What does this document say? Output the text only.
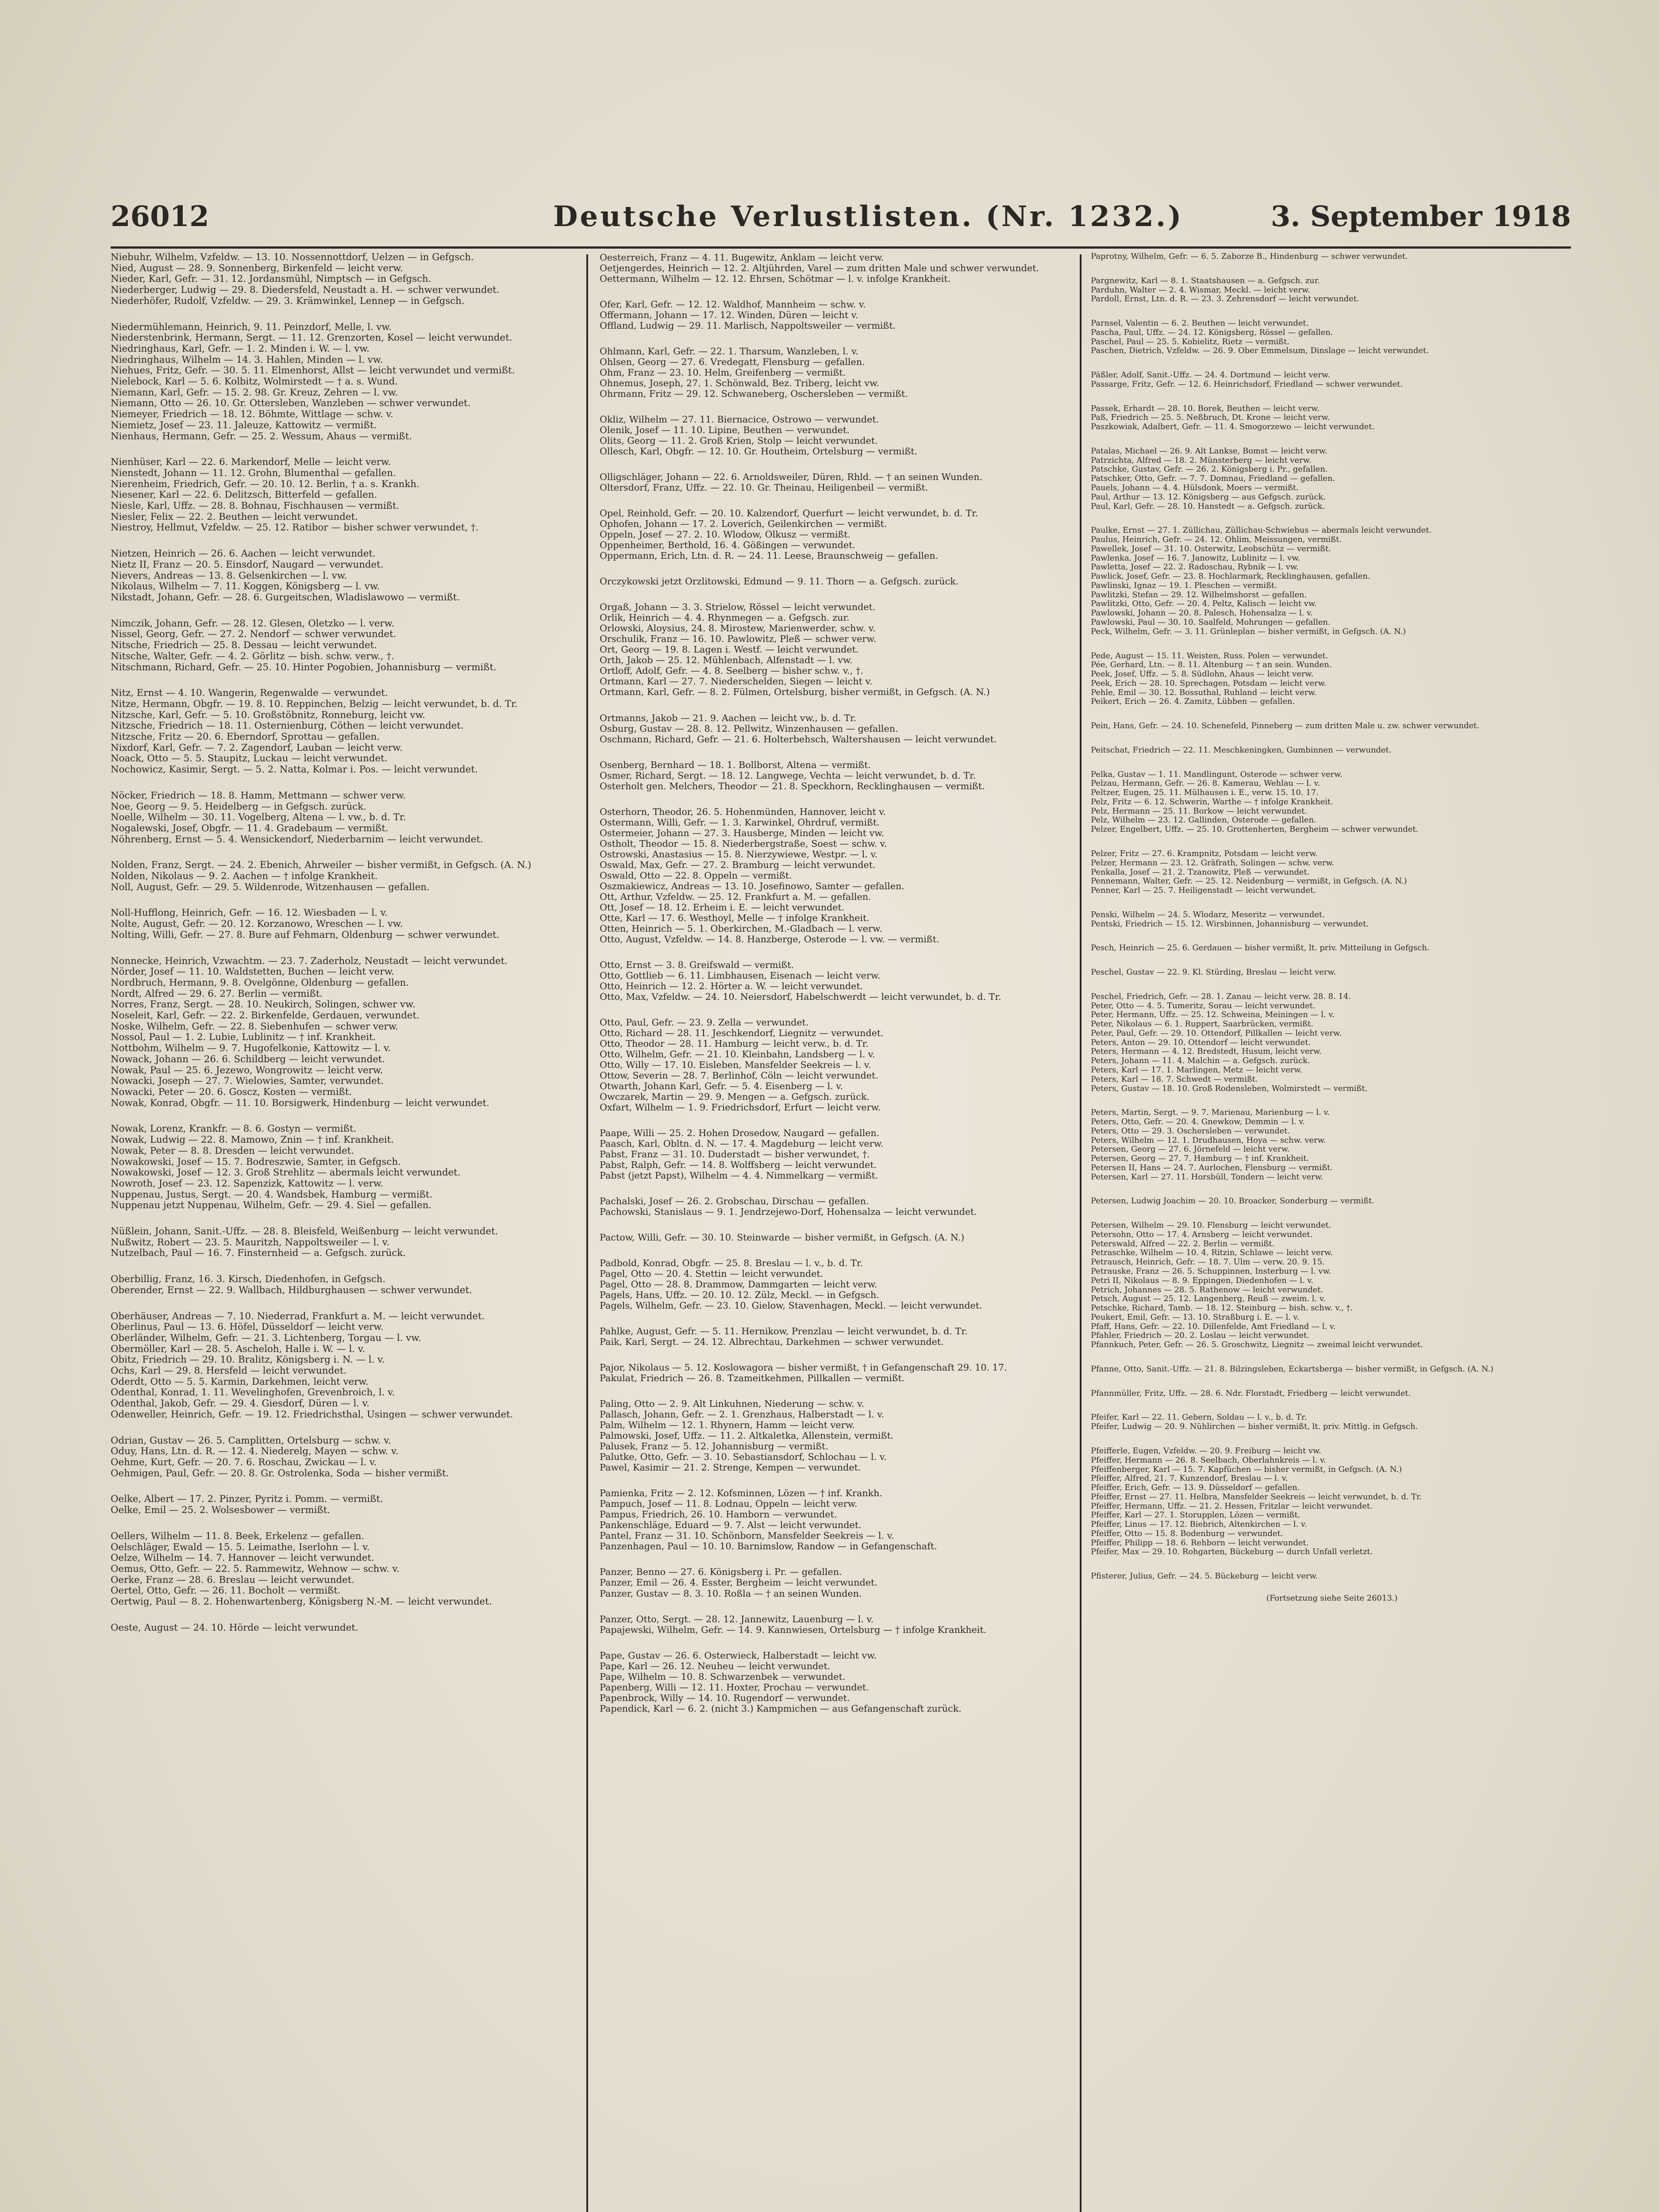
26012	Deutsche Verlustlisten. (Nr. 1232.)	3. September 1918

Niebuhr, Wilhelm, Vzfeldw. — 13. 10. Nossennottdorf, Uelzen — in Gefgsch.

Nied, August — 28. 9. Sonnenberg, Birkenfeld — leicht verw.

Nieder, Karl, Gefr. — 31. 12. Jordansmühl, Nimptsch — in Gefgsch.

Niederberger, Ludwig — 29. 8. Diedersfeld, Neustadt a. H. — schwer verwundet.

Niederhöfer, Rudolf, Vzfeldw. — 29. 3. Krämwinkel, Lennep — in Gefgsch.

Niedermühlemann, Heinrich, 9. 11. Peinzdorf, Melle, l. vw.

Niederstenbrink, Hermann, Sergt. — 11. 12. Grenzorten, Kosel — leicht verwundet.

Niedringhaus, Karl, Gefr. — 1. 2. Minden i. W. — l. vw.

Niedringhaus, Wilhelm — 14. 3. Hahlen, Minden — l. vw.

Niehues, Fritz, Gefr. — 30. 5. 11. Elmenhorst, Allst — leicht verwundet und vermißt.

Nielebock, Karl — 5. 6. Kolbitz, Wolmirstedt — † a. s. Wund.

Niemann, Karl, Gefr. — 15. 2. 98. Gr. Kreuz, Zehren — l. vw.

Niemann, Otto — 26. 10. Gr. Ottersleben, Wanzleben — schwer verwundet.

Niemeyer, Friedrich — 18. 12. Böhmte, Wittlage — schw. v.

Niemietz, Josef — 23. 11. Jaleuze, Kattowitz — vermißt.

Nienhaus, Hermann, Gefr. — 25. 2. Wessum, Ahaus — vermißt.

Nienhüser, Karl — 22. 6. Markendorf, Melle — leicht verw.

Nienstedt, Johann — 11. 12. Grohn, Blumenthal — gefallen.

Nierenheim, Friedrich, Gefr. — 20. 10. 12. Berlin, † a. s. Krankh.

Niesener, Karl — 22. 6. Delitzsch, Bitterfeld — gefallen.

Niesle, Karl, Uffz. — 28. 8. Bohnau, Fischhausen — vermißt.

Niesler, Felix — 22. 2. Beuthen — leicht verwundet.

Niestroy, Hellmut, Vzfeldw. — 25. 12. Ratibor — bisher schwer verwundet, †.

Nietzen, Heinrich — 26. 6. Aachen — leicht verwundet.

Nietz II, Franz — 20. 5. Einsdorf, Naugard — verwundet.

Nievers, Andreas — 13. 8. Gelsenkirchen — l. vw.

Nikolaus, Wilhelm — 7. 11. Koggen, Königsberg — l. vw.

Nikstadt, Johann, Gefr. — 28. 6. Gurgeitschen, Wladislawowo — vermißt.

Nimczik, Johann, Gefr. — 28. 12. Glesen, Oletzko — l. verw.

Nissel, Georg, Gefr. — 27. 2. Nendorf — schwer verwundet.

Nitsche, Friedrich — 25. 8. Dessau — leicht verwundet.

Nitsche, Walter, Gefr. — 4. 2. Görlitz — bish. schw. verw., †.

Nitschmann, Richard, Gefr. — 25. 10. Hinter Pogobien, Johannisburg — vermißt.

Nitz, Ernst — 4. 10. Wangerin, Regenwalde — verwundet.

Nitze, Hermann, Obgfr. — 19. 8. 10. Reppinchen, Belzig — leicht verwundet, b. d. Tr.

Nitzsche, Karl, Gefr. — 5. 10. Großstöbnitz, Ronneburg, leicht vw.

Nitzsche, Friedrich — 18. 11. Osternienburg, Cöthen — leicht verwundet.

Nitzsche, Fritz — 20. 6. Eberndorf, Sprottau — gefallen.

Nixdorf, Karl, Gefr. — 7. 2. Zagendorf, Lauban — leicht verw.

Noack, Otto — 5. 5. Staupitz, Luckau — leicht verwundet.

Nochowicz, Kasimir, Sergt. — 5. 2. Natta, Kolmar i. Pos. — leicht verwundet.

Nöcker, Friedrich — 18. 8. Hamm, Mettmann — schwer verw.

Noe, Georg — 9. 5. Heidelberg — in Gefgsch. zurück.

Noelle, Wilhelm — 30. 11. Vogelberg, Altena — l. vw., b. d. Tr.

Nogalewski, Josef, Obgfr. — 11. 4. Gradebaum — vermißt.

Nöhrenberg, Ernst — 5. 4. Wensickendorf, Niederbarnim — leicht verwundet.

Nolden, Franz, Sergt. — 24. 2. Ebenich, Ahrweiler — bisher vermißt, in Gefgsch. (A. N.)

Nolden, Nikolaus — 9. 2. Aachen — † infolge Krankheit.

Noll, August, Gefr. — 29. 5. Wildenrode, Witzenhausen — gefallen.

Noll-Hufflong, Heinrich, Gefr. — 16. 12. Wiesbaden — l. v.

Nolte, August, Gefr. — 20. 12. Korzanowo, Wreschen — l. vw.

Nolting, Willi, Gefr. — 27. 8. Bure auf Fehmarn, Oldenburg — schwer verwundet.

Nonnecke, Heinrich, Vzwachtm. — 23. 7. Zaderholz, Neustadt — leicht verwundet.

Nörder, Josef — 11. 10. Waldstetten, Buchen — leicht verw.

Nordbruch, Hermann, 9. 8. Ovelgönne, Oldenburg — gefallen.

Nordt, Alfred — 29. 6. 27. Berlin — vermißt.

Norres, Franz, Sergt. — 28. 10. Neukirch, Solingen, schwer vw.

Noseleit, Karl, Gefr. — 22. 2. Birkenfelde, Gerdauen, verwundet.

Noske, Wilhelm, Gefr. — 22. 8. Siebenhufen — schwer verw.

Nossol, Paul — 1. 2. Lubie, Lublinitz — † inf. Krankheit.

Nottbohm, Wilhelm — 9. 7. Hugofelkonie, Kattowitz — l. v.

Nowack, Johann — 26. 6. Schildberg — leicht verwundet.

Nowak, Paul — 25. 6. Jezewo, Wongrowitz — leicht verw.

Nowacki, Joseph — 27. 7. Wielowies, Samter, verwundet.

Nowacki, Peter — 20. 6. Goscz, Kosten — vermißt.

Nowak, Konrad, Obgfr. — 11. 10. Borsigwerk, Hindenburg — leicht verwundet.

Nowak, Lorenz, Krankfr. — 8. 6. Gostyn — vermißt.

Nowak, Ludwig — 22. 8. Mamowo, Znin — † inf. Krankheit.

Nowak, Peter — 8. 8. Dresden — leicht verwundet.

Nowakowski, Josef — 15. 7. Bodreszwie, Samter, in Gefgsch.

Nowakowski, Josef — 12. 3. Groß Strehlitz — abermals leicht verwundet.

Nowroth, Josef — 23. 12. Sapenzizk, Kattowitz — l. verw.

Nuppenau, Justus, Sergt. — 20. 4. Wandsbek, Hamburg — vermißt.

Nuppenau jetzt Nuppenau, Wilhelm, Gefr. — 29. 4. Siel — gefallen.

Nüßlein, Johann, Sanit.-Uffz. — 28. 8. Bleisfeld, Weißenburg — leicht verwundet.

Nußwitz, Robert — 23. 5. Mauritzh, Nappoltsweiler — l. v.

Nutzelbach, Paul — 16. 7. Finsternheid — a. Gefgsch. zurück.

Oberbillig, Franz, 16. 3. Kirsch, Diedenhofen, in Gefgsch.

Oberender, Ernst — 22. 9. Wallbach, Hildburghausen — schwer verwundet.

Oberhäuser, Andreas — 7. 10. Niederrad, Frankfurt a. M. — leicht verwundet.

Oberlinus, Paul — 13. 6. Höfel, Düsseldorf — leicht verw.

Oberländer, Wilhelm, Gefr. — 21. 3. Lichtenberg, Torgau — l. vw.

Obermöller, Karl — 28. 5. Ascheloh, Halle i. W. — l. v.

Obitz, Friedrich — 29. 10. Bralitz, Königsberg i. N. — l. v.

Ochs, Karl — 29. 8. Hersfeld — leicht verwundet.

Oderdt, Otto — 5. 5. Karmin, Darkehmen, leicht verw.

Odenthal, Konrad, 1. 11. Wevelinghofen, Grevenbroich, l. v.

Odenthal, Jakob, Gefr. — 29. 4. Giesdorf, Düren — l. v.

Odenweller, Heinrich, Gefr. — 19. 12. Friedrichsthal, Usingen — schwer verwundet.

Odrian, Gustav — 26. 5. Camplitten, Ortelsburg — schw. v.

Oduy, Hans, Ltn. d. R. — 12. 4. Niederelg, Mayen — schw. v.

Oehme, Kurt, Gefr. — 20. 7. 6. Roschau, Zwickau — l. v.

Oehmigen, Paul, Gefr. — 20. 8. Gr. Ostrolenka, Soda — bisher vermißt.

Oelke, Albert — 17. 2. Pinzer, Pyritz i. Pomm. — vermißt.

Oelke, Emil — 25. 2. Wolsesbower — vermißt.

Oellers, Wilhelm — 11. 8. Beek, Erkelenz — gefallen.

Oelschläger, Ewald — 15. 5. Leimathe, Iserlohn — l. v.

Oelze, Wilhelm — 14. 7. Hannover — leicht verwundet.

Oemus, Otto, Gefr. — 22. 5. Rammewitz, Wehnow — schw. v.

Oerke, Franz — 28. 6. Breslau — leicht verwundet.

Oertel, Otto, Gefr. — 26. 11. Bocholt — vermißt.

Oertwig, Paul — 8. 2. Hohenwartenberg, Königsberg N.-M. — leicht verwundet.

Oeste, August — 24. 10. Hörde — leicht verwundet.

Oesterreich, Franz — 4. 11. Bugewitz, Anklam — leicht verw.

Oetjengerdes, Heinrich — 12. 2. Altjührden, Varel — zum dritten Male und schwer verwundet.

Oettermann, Wilhelm — 12. 12. Ehrsen, Schötmar — l. v. infolge Krankheit.

Ofer, Karl, Gefr. — 12. 12. Waldhof, Mannheim — schw. v.

Offermann, Johann — 17. 12. Winden, Düren — leicht v.

Offland, Ludwig — 29. 11. Marlisch, Nappoltsweiler — vermißt.

Ohlmann, Karl, Gefr. — 22. 1. Tharsum, Wanzleben, l. v.

Ohlsen, Georg — 27. 6. Vredegatt, Flensburg — gefallen.

Ohm, Franz — 23. 10. Helm, Greifenberg — vermißt.

Ohnemus, Joseph, 27. 1. Schönwald, Bez. Triberg, leicht vw.

Ohrmann, Fritz — 29. 12. Schwaneberg, Oschersleben — vermißt.

Okliz, Wilhelm — 27. 11. Biernacice, Ostrowo — verwundet.

Olenik, Josef — 11. 10. Lipine, Beuthen — verwundet.

Olits, Georg — 11. 2. Groß Krien, Stolp — leicht verwundet.

Ollesch, Karl, Obgfr. — 12. 10. Gr. Houtheim, Ortelsburg — vermißt.

Olligschläger, Johann — 22. 6. Arnoldsweiler, Düren, Rhld. — † an seinen Wunden.

Oltersdorf, Franz, Uffz. — 22. 10. Gr. Theinau, Heiligenbeil — vermißt.

Opel, Reinhold, Gefr. — 20. 10. Kalzendorf, Querfurt — leicht verwundet, b. d. Tr.

Ophofen, Johann — 17. 2. Loverich, Geilenkirchen — vermißt.

Oppeln, Josef — 27. 2. 10. Wlodow, Olkusz — vermißt.

Oppenheimer, Berthold, 16. 4. Gößingen — verwundet.

Oppermann, Erich, Ltn. d. R. — 24. 11. Leese, Braunschweig — gefallen.

Orczykowski jetzt Orzlitowski, Edmund — 9. 11. Thorn — a. Gefgsch. zurück.

Orgaß, Johann — 3. 3. Strielow, Rössel — leicht verwundet.

Orlik, Heinrich — 4. 4. Rhynmegen — a. Gefgsch. zur.

Orlowski, Aloysius, 24. 8. Mirostew, Marienwerder, schw. v.

Orschulik, Franz — 16. 10. Pawlowitz, Pleß — schwer verw.

Ort, Georg — 19. 8. Lagen i. Westf. — leicht verwundet.

Orth, Jakob — 25. 12. Mühlenbach, Alfenstadt — l. vw.

Ortloff, Adolf, Gefr. — 4. 8. Seelberg — bisher schw. v., †.

Ortmann, Karl — 27. 7. Niederschelden, Siegen — leicht v.

Ortmann, Karl, Gefr. — 8. 2. Fülmen, Ortelsburg, bisher vermißt, in Gefgsch. (A. N.)

Ortmanns, Jakob — 21. 9. Aachen — leicht vw., b. d. Tr.

Osburg, Gustav — 28. 8. 12. Pellwitz, Winzenhausen — gefallen.

Oschmann, Richard, Gefr. — 21. 6. Holterbehsch, Waltershausen — leicht verwundet.

Osenberg, Bernhard — 18. 1. Bollborst, Altena — vermißt.

Osmer, Richard, Sergt. — 18. 12. Langwege, Vechta — leicht verwundet, b. d. Tr.

Osterholt gen. Melchers, Theodor — 21. 8. Speckhorn, Recklinghausen — vermißt.

Osterhorn, Theodor, 26. 5. Hohenmünden, Hannover, leicht v.

Ostermann, Willi, Gefr. — 1. 3. Karwinkel, Ohrdruf, vermißt.

Ostermeier, Johann — 27. 3. Hausberge, Minden — leicht vw.

Ostholt, Theodor — 15. 8. Niederbergstraße, Soest — schw. v.

Ostrowski, Anastasius — 15. 8. Nierzywiewe, Westpr. — l. v.

Oswald, Max, Gefr. — 27. 2. Bramburg — leicht verwundet.

Oswald, Otto — 22. 8. Oppeln — vermißt.

Oszmakiewicz, Andreas — 13. 10. Josefinowo, Samter — gefallen.

Ott, Arthur, Vzfeldw. — 25. 12. Frankfurt a. M. — gefallen.

Ott, Josef — 18. 12. Erheim i. E. — leicht verwundet.

Otte, Karl — 17. 6. Westhoyl, Melle — † infolge Krankheit.

Otten, Heinrich — 5. 1. Oberkirchen, M.-Gladbach — l. verw.

Otto, August, Vzfeldw. — 14. 8. Hanzberge, Osterode — l. vw. — vermißt.

Otto, Ernst — 3. 8. Greifswald — vermißt.

Otto, Gottlieb — 6. 11. Limbhausen, Eisenach — leicht verw.

Otto, Heinrich — 12. 2. Hörter a. W. — leicht verwundet.

Otto, Max, Vzfeldw. — 24. 10. Neiersdorf, Habelschwerdt — leicht verwundet, b. d. Tr.

Otto, Paul, Gefr. — 23. 9. Zella — verwundet.

Otto, Richard — 28. 11. Jeschkendorf, Liegnitz — verwundet.

Otto, Theodor — 28. 11. Hamburg — leicht verw., b. d. Tr.

Otto, Wilhelm, Gefr. — 21. 10. Kleinbahn, Landsberg — l. v.

Otto, Willy — 17. 10. Eisleben, Mansfelder Seekreis — l. v.

Ottow, Severin — 28. 7. Berlinhof, Cöln — leicht verwundet.

Otwarth, Johann Karl, Gefr. — 5. 4. Eisenberg — l. v.

Owczarek, Martin — 29. 9. Mengen — a. Gefgsch. zurück.

Oxfart, Wilhelm — 1. 9. Friedrichsdorf, Erfurt — leicht verw.

Paape, Willi — 25. 2. Hohen Drosedow, Naugard — gefallen.

Paasch, Karl, Obltn. d. N. — 17. 4. Magdeburg — leicht verw.

Pabst, Franz — 31. 10. Duderstadt — bisher verwundet, †.

Pabst, Ralph, Gefr. — 14. 8. Wolffsberg — leicht verwundet.

Pabst (jetzt Papst), Wilhelm — 4. 4. Nimmelkarg — vermißt.

Pachalski, Josef — 26. 2. Grobschau, Dirschau — gefallen.

Pachowski, Stanislaus — 9. 1. Jendrzejewo-Dorf, Hohensalza — leicht verwundet.

Pactow, Willi, Gefr. — 30. 10. Steinwarde — bisher vermißt, in Gefgsch. (A. N.)

Padbold, Konrad, Obgfr. — 25. 8. Breslau — l. v., b. d. Tr.

Pagel, Otto — 20. 4. Stettin — leicht verwundet.

Pagel, Otto — 28. 8. Drammow, Dammgarten — leicht verw.

Pagels, Hans, Uffz. — 20. 10. 12. Zülz, Meckl. — in Gefgsch.

Pagels, Wilhelm, Gefr. — 23. 10. Gielow, Stavenhagen, Meckl. — leicht verwundet.

Pahlke, August, Gefr. — 5. 11. Hernikow, Prenzlau — leicht verwundet, b. d. Tr.

Paik, Karl, Sergt. — 24. 12. Albrechtau, Darkehmen — schwer verwundet.

Pajor, Nikolaus — 5. 12. Koslowagora — bisher vermißt, † in Gefangenschaft 29. 10. 17.

Pakulat, Friedrich — 26. 8. Tzameitkehmen, Pillkallen — vermißt.

Paling, Otto — 2. 9. Alt Linkuhnen, Niederung — schw. v.

Pallasch, Johann, Gefr. — 2. 1. Grenzhaus, Halberstadt — l. v.

Palm, Wilhelm — 12. 1. Rhynern, Hamm — leicht verw.

Palmowski, Josef, Uffz. — 11. 2. Altkaletka, Allenstein, vermißt.

Palusek, Franz — 5. 12. Johannisburg — vermißt.

Palutke, Otto, Gefr. — 3. 10. Sebastiansdorf, Schlochau — l. v.

Pawel, Kasimir — 21. 2. Strenge, Kempen — verwundet.

Pamienka, Fritz — 2. 12. Kofsminnen, Lözen — † inf. Krankh.

Pampuch, Josef — 11. 8. Lodnau, Oppeln — leicht verw.

Pampus, Friedrich, 26. 10. Hamborn — verwundet.

Pankenschläge, Eduard — 9. 7. Alst — leicht verwundet.

Pantel, Franz — 31. 10. Schönborn, Mansfelder Seekreis — l. v.

Panzenhagen, Paul — 10. 10. Barnimslow, Randow — in Gefangenschaft.

Panzer, Benno — 27. 6. Königsberg i. Pr. — gefallen.

Panzer, Emil — 26. 4. Esster, Bergheim — leicht verwundet.

Panzer, Gustav — 8. 3. 10. Roßla — † an seinen Wunden.

Panzer, Otto, Sergt. — 28. 12. Jannewitz, Lauenburg — l. v.

Papajewski, Wilhelm, Gefr. — 14. 9. Kannwiesen, Ortelsburg — † infolge Krankheit.

Pape, Gustav — 26. 6. Osterwieck, Halberstadt — leicht vw.

Pape, Karl — 26. 12. Neuheu — leicht verwundet.

Pape, Wilhelm — 10. 8. Schwarzenbek — verwundet.

Papenberg, Willi — 12. 11. Hoxter, Prochau — verwundet.

Papenbrock, Willy — 14. 10. Rugendorf — verwundet.

Papendick, Karl — 6. 2. (nicht 3.) Kampmichen — aus Gefangenschaft zurück.

Paprotny, Wilhelm, Gefr. — 6. 5. Zaborze B., Hindenburg — schwer verwundet.

Pargnewitz, Karl — 8. 1. Staatshausen — a. Gefgsch. zur.

Parduhn, Walter — 2. 4. Wismar, Meckl. — leicht verw.

Pardoll, Ernst, Ltn. d. R. — 23. 3. Zehrensdorf — leicht verwundet.

Parnsel, Valentin — 6. 2. Beuthen — leicht verwundet.

Pascha, Paul, Uffz. — 24. 12. Königsberg, Rössel — gefallen.

Paschel, Paul — 25. 5. Kobielitz, Rietz — vermißt.

Paschen, Dietrich, Vzfeldw. — 26. 9. Ober Emmelsum, Dinslage — leicht verwundet.

Päßler, Adolf, Sanit.-Uffz. — 24. 4. Dortmund — leicht verw.

Passarge, Fritz, Gefr. — 12. 6. Heinrichsdorf, Friedland — schwer verwundet.

Passek, Erhardt — 28. 10. Borek, Beuthen — leicht verw.

Paß, Friedrich — 25. 5. Neßbruch, Dt. Krone — leicht verw.

Paszkowiak, Adalbert, Gefr. — 11. 4. Smogorzewo — leicht verwundet.

Patalas, Michael — 26. 9. Alt Lankse, Bomst — leicht verw.

Patrzichta, Alfred — 18. 2. Münsterberg — leicht verw.

Patschke, Gustav, Gefr. — 26. 2. Königsberg i. Pr., gefallen.

Patschker, Otto, Gefr. — 7. 7. Domnau, Friedland — gefallen.

Pauels, Johann — 4. 4. Hülsdonk, Moers — vermißt.

Paul, Arthur — 13. 12. Königsberg — aus Gefgsch. zurück.

Paul, Karl, Gefr. — 28. 10. Hanstedt — a. Gefgsch. zurück.

Paulke, Ernst — 27. 1. Züllichau, Züllichau-Schwiebus — abermals leicht verwundet.

Paulus, Heinrich, Gefr. — 24. 12. Ohlim, Meissungen, vermißt.

Pawellek, Josef — 31. 10. Osterwitz, Leobschütz — vermißt.

Pawlenka, Josef — 16. 7. Janowitz, Lublinitz — l. vw.

Pawletta, Josef — 22. 2. Radoschau, Rybnik — l. vw.

Pawlick, Josef, Gefr. — 23. 8. Hochlarmark, Recklinghausen, gefallen.

Pawlinski, Ignaz — 19. 1. Pleschen — vermißt.

Pawlitzki, Stefan — 29. 12. Wilhelmshorst — gefallen.

Pawlitzki, Otto, Gefr. — 20. 4. Peltz, Kalisch — leicht vw.

Pawlowski, Johann — 20. 8. Palesch, Hohensalza — l. v.

Pawlowski, Paul — 30. 10. Saalfeld, Mohrungen — gefallen.

Peck, Wilhelm, Gefr. — 3. 11. Grünleplan — bisher vermißt, in Gefgsch. (A. N.)

Pede, August — 15. 11. Weisten, Russ. Polen — verwundet.

Pée, Gerhard, Ltn. — 8. 11. Altenburg — † an sein. Wunden.

Peek, Josef, Uffz. — 5. 8. Südlohn, Ahaus — leicht verw.

Peek, Erich — 28. 10. Sprechagen, Potsdam — leicht verw.

Pehle, Emil — 30. 12. Bossuthal, Ruhland — leicht verw.

Peikert, Erich — 26. 4. Zamitz, Lübben — gefallen.

Pein, Hans, Gefr. — 24. 10. Schenefeld, Pinneberg — zum dritten Male u. zw. schwer verwundet.

Peitschat, Friedrich — 22. 11. Meschkeningken, Gumbinnen — verwundet.

Pelka, Gustav — 1. 11. Mandlingunt, Osterode — schwer verw.

Pelzau, Hermann, Gefr. — 26. 8. Kamerau, Wehlau — l. v.

Peltzer, Eugen, 25. 11. Mülhausen i. E., verw. 15. 10. 17.

Pelz, Fritz — 6. 12. Schwerin, Warthe — † infolge Krankheit.

Pelz, Hermann — 25. 11. Borkow — leicht verwundet.

Pelz, Wilhelm — 23. 12. Gallinden, Osterode — gefallen.

Pelzer, Engelbert, Uffz. — 25. 10. Grottenherten, Bergheim — schwer verwundet.

Pelzer, Fritz — 27. 6. Krampnitz, Potsdam — leicht verw.

Pelzer, Hermann — 23. 12. Gräfrath, Solingen — schw. verw.

Penkalla, Josef — 21. 2. Tzanowitz, Pleß — verwundet.

Pennemann, Walter, Gefr. — 25. 12. Neidenburg — vermißt, in Gefgsch. (A. N.)

Penner, Karl — 25. 7. Heiligenstadt — leicht verwundet.

Penski, Wilhelm — 24. 5. Wlodarz, Meseritz — verwundet.

Pentski, Friedrich — 15. 12. Wirsbinnen, Johannisburg — verwundet.

Pesch, Heinrich — 25. 6. Gerdauen — bisher vermißt, lt. priv. Mitteilung in Gefgsch.

Peschel, Gustav — 22. 9. Kl. Stürding, Breslau — leicht verw.

Peschel, Friedrich, Gefr. — 28. 1. Zanau — leicht verw. 28. 8. 14.

Peter, Otto — 4. 5. Tumeritz, Sorau — leicht verwundet.

Peter, Hermann, Uffz. — 25. 12. Schweina, Meiningen — l. v.

Peter, Nikolaus — 6. 1. Ruppert, Saarbrücken, vermißt.

Peter, Paul, Gefr. — 29. 10. Ottendorf, Pillkallen — leicht verw.

Peters, Anton — 29. 10. Ottendorf — leicht verwundet.

Peters, Hermann — 4. 12. Bredstedt, Husum, leicht verw.

Peters, Johann — 11. 4. Malchin — a. Gefgsch. zurück.

Peters, Karl — 17. 1. Marlingen, Metz — leicht verw.

Peters, Karl — 18. 7. Schwedt — vermißt.

Peters, Gustav — 18. 10. Groß Rodensleben, Wolmirstedt — vermißt.

Peters, Martin, Sergt. — 9. 7. Marienau, Marienburg — l. v.

Peters, Otto, Gefr. — 20. 4. Gnewkow, Demmin — l. v.

Peters, Otto — 29. 3. Oschersleben — verwundet.

Peters, Wilhelm — 12. 1. Drudhausen, Hoya — schw. verw.

Petersen, Georg — 27. 6. Jörnefeld — leicht verw.

Petersen, Georg — 27. 7. Hamburg — † inf. Krankheit.

Petersen II, Hans — 24. 7. Aurlochen, Flensburg — vermißt.

Petersen, Karl — 27. 11. Horsbüll, Tondern — leicht verw.

Petersen, Ludwig Joachim — 20. 10. Broacker, Sonderburg — vermißt.

Petersen, Wilhelm — 29. 10. Flensburg — leicht verwundet.

Petersohn, Otto — 17. 4. Arnsberg — leicht verwundet.

Peterswald, Alfred — 22. 2. Berlin — vermißt.

Petraschke, Wilhelm — 10. 4. Ritzin, Schlawe — leicht verw.

Petrausch, Heinrich, Gefr. — 18. 7. Ulm — verw. 20. 9. 15.

Petrauske, Franz — 26. 5. Schuppinnen, Insterburg — l. vw.

Petri II, Nikolaus — 8. 9. Eppingen, Diedenhofen — l. v.

Petrich, Johannes — 28. 5. Rathenow — leicht verwundet.

Petsch, August — 25. 12. Langenberg, Reuß — zweim. l. v.

Petschke, Richard, Tamb. — 18. 12. Steinburg — bish. schw. v., †.

Peukert, Emil, Gefr. — 13. 10. Straßburg i. E. — l. v.

Pfaff, Hans, Gefr. — 22. 10. Dillenfelde, Amt Friedland — l. v.

Pfahler, Friedrich — 20. 2. Loslau — leicht verwundet.

Pfannkuch, Peter, Gefr. — 26. 5. Groschwitz, Liegnitz — zweimal leicht verwundet.

Pfanne, Otto, Sanit.-Uffz. — 21. 8. Bilzingsleben, Eckartsberga — bisher vermißt, in Gefgsch. (A. N.)

Pfannmüller, Fritz, Uffz. — 28. 6. Ndr. Florstadt, Friedberg — leicht verwundet.

Pfeifer, Karl — 22. 11. Gebern, Soldau — l. v., b. d. Tr.

Pfeifer, Ludwig — 20. 9. Nühlirchen — bisher vermißt, lt. priv. Mittlg. in Gefgsch.

Pfeifferle, Eugen, Vzfeldw. — 20. 9. Freiburg — leicht vw.

Pfeiffer, Hermann — 26. 8. Seelbach, Oberlahnkreis — l. v.

Pfeiffenberger, Karl — 15. 7. Kapfüchen — bisher vermißt, in Gefgsch. (A. N.)

Pfeiffer, Alfred, 21. 7. Kunzendorf, Breslau — l. v.

Pfeiffer, Erich, Gefr. — 13. 9. Düsseldorf — gefallen.

Pfeiffer, Ernst — 27. 11. Helbra, Mansfelder Seekreis — leicht verwundet, b. d. Tr.

Pfeiffer, Hermann, Uffz. — 21. 2. Hessen, Fritzlar — leicht verwundet.

Pfeiffer, Karl — 27. 1. Storupplen, Lözen — vermißt.

Pfeiffer, Linus — 17. 12. Biebrich, Altenkirchen — l. v.

Pfeiffer, Otto — 15. 8. Bodenburg — verwundet.

Pfeiffer, Philipp — 18. 6. Rehborn — leicht verwundet.

Pfeifer, Max — 29. 10. Rohgarten, Bückeburg — durch Unfall verletzt.

Pfisterer, Julius, Gefr. — 24. 5. Bückeburg — leicht verw.

(Fortsetzung siehe Seite 26013.)
